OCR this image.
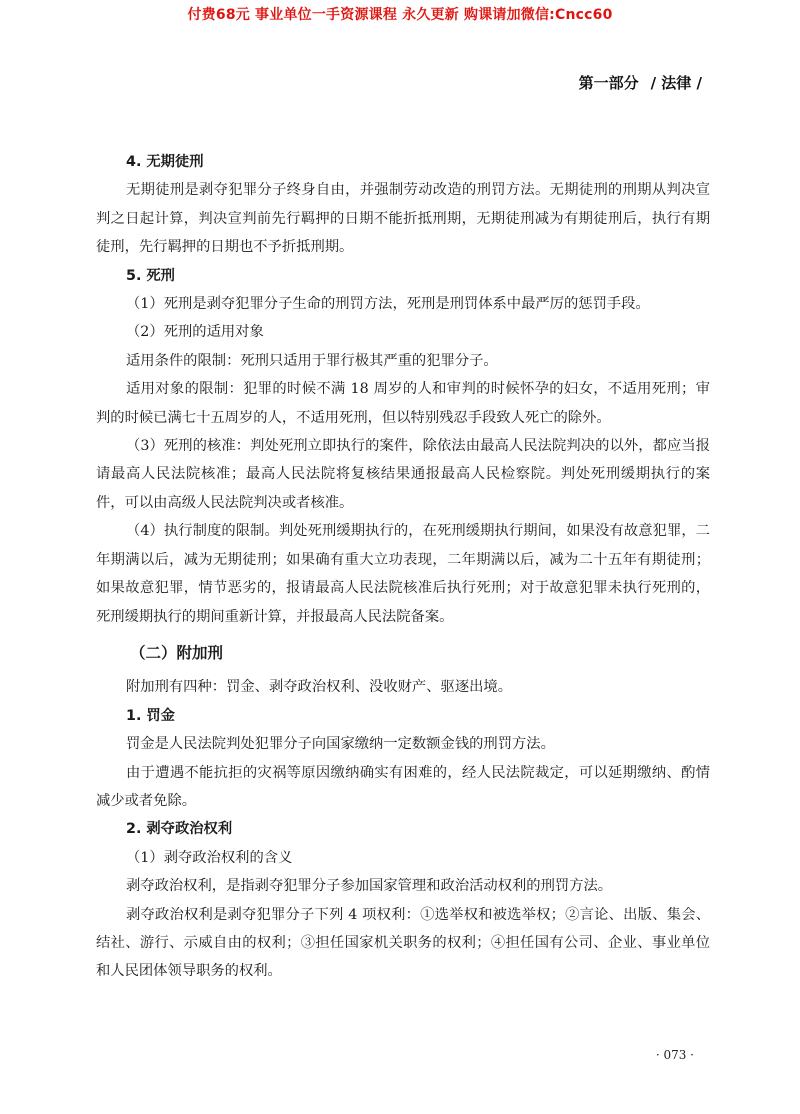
付费68元 事业单位一手资源课程 永久更新 购课请加微信:Cncc60
第一部分 / 法律 /
4. 无期徒刑
无期徒刑是剥夺犯罪分子终身自由，并强制劳动改造的刑罚方法。无期徒刑的刑期从判决宣判之日起计算，判决宣判前先行羁押的日期不能折抵刑期，无期徒刑减为有期徒刑后，执行有期徒刑，先行羁押的日期也不予折抵刑期。
5. 死刑
（1）死刑是剥夺犯罪分子生命的刑罚方法，死刑是刑罚体系中最严厉的惩罚手段。
（2）死刑的适用对象
适用条件的限制：死刑只适用于罪行极其严重的犯罪分子。
适用对象的限制：犯罪的时候不满 18 周岁的人和审判的时候怀孕的妇女，不适用死刑；审判的时候已满七十五周岁的人，不适用死刑，但以特别残忍手段致人死亡的除外。
（3）死刑的核准：判处死刑立即执行的案件，除依法由最高人民法院判决的以外，都应当报请最高人民法院核准；最高人民法院将复核结果通报最高人民检察院。判处死刑缓期执行的案件，可以由高级人民法院判决或者核准。
（4）执行制度的限制。判处死刑缓期执行的，在死刑缓期执行期间，如果没有故意犯罪，二年期满以后，减为无期徒刑；如果确有重大立功表现，二年期满以后，减为二十五年有期徒刑；如果故意犯罪，情节恶劣的，报请最高人民法院核准后执行死刑；对于故意犯罪未执行死刑的，死刑缓期执行的期间重新计算，并报最高人民法院备案。
（二）附加刑
附加刑有四种：罚金、剥夺政治权利、没收财产、驱逐出境。
1. 罚金
罚金是人民法院判处犯罪分子向国家缴纳一定数额金钱的刑罚方法。
由于遭遇不能抗拒的灾祸等原因缴纳确实有困难的，经人民法院裁定，可以延期缴纳、酌情减少或者免除。
2. 剥夺政治权利
（1）剥夺政治权利的含义
剥夺政治权利，是指剥夺犯罪分子参加国家管理和政治活动权利的刑罚方法。
剥夺政治权利是剥夺犯罪分子下列 4 项权利：①选举权和被选举权；②言论、出版、集会、结社、游行、示威自由的权利；③担任国家机关职务的权利；④担任国有公司、企业、事业单位和人民团体领导职务的权利。
· 073 ·
